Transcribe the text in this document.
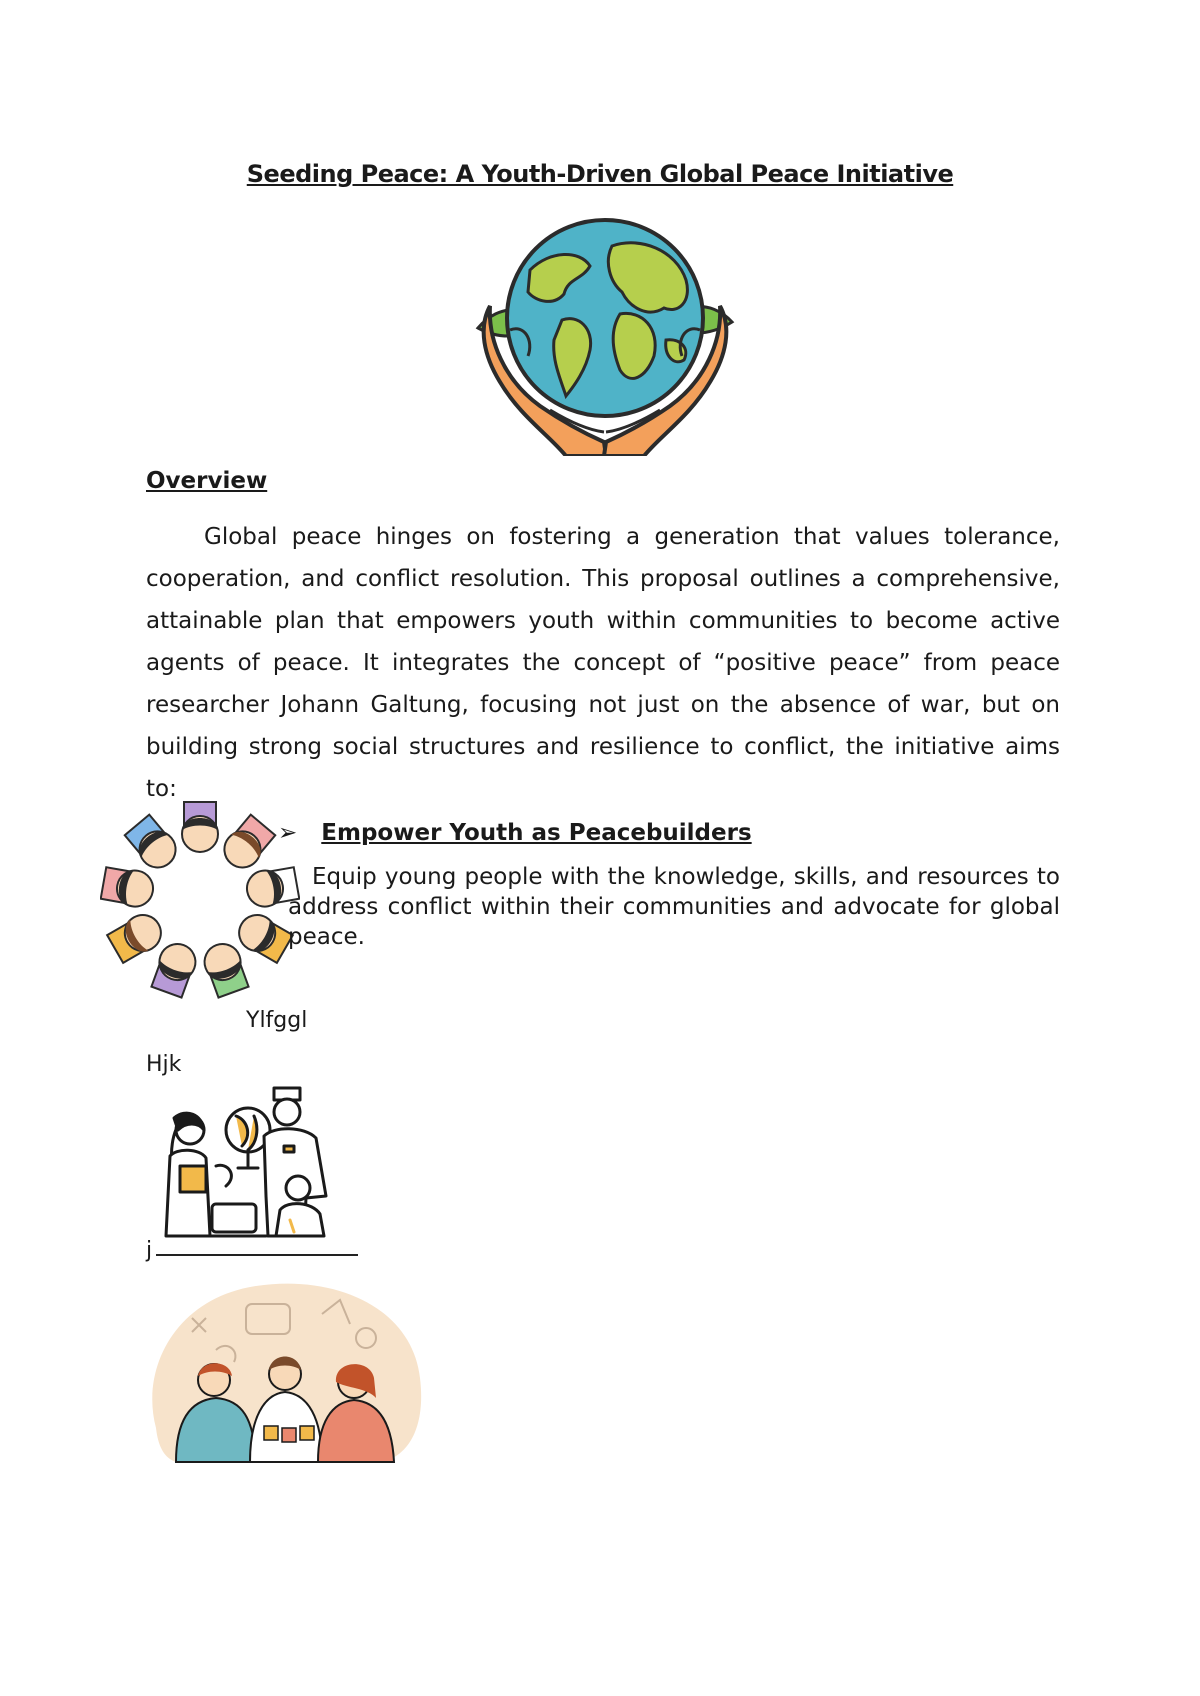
Seeding Peace: A Youth-Driven Global Peace Initiative
Overview
Global peace hinges on fostering a generation that values tolerance, cooperation, and conflict resolution. This proposal outlines a comprehensive, attainable plan that empowers youth within communities to become active agents of peace. It integrates the concept of “positive peace” from peace researcher Johann Galtung, focusing not just on the absence of war, but on building strong social structures and resilience to conflict, the initiative aims to:
➢ Empower Youth as Peacebuilders
Equip young people with the knowledge, skills, and resources to address conflict within their communities and advocate for global peace.
Ylfggl
Hjk
j
